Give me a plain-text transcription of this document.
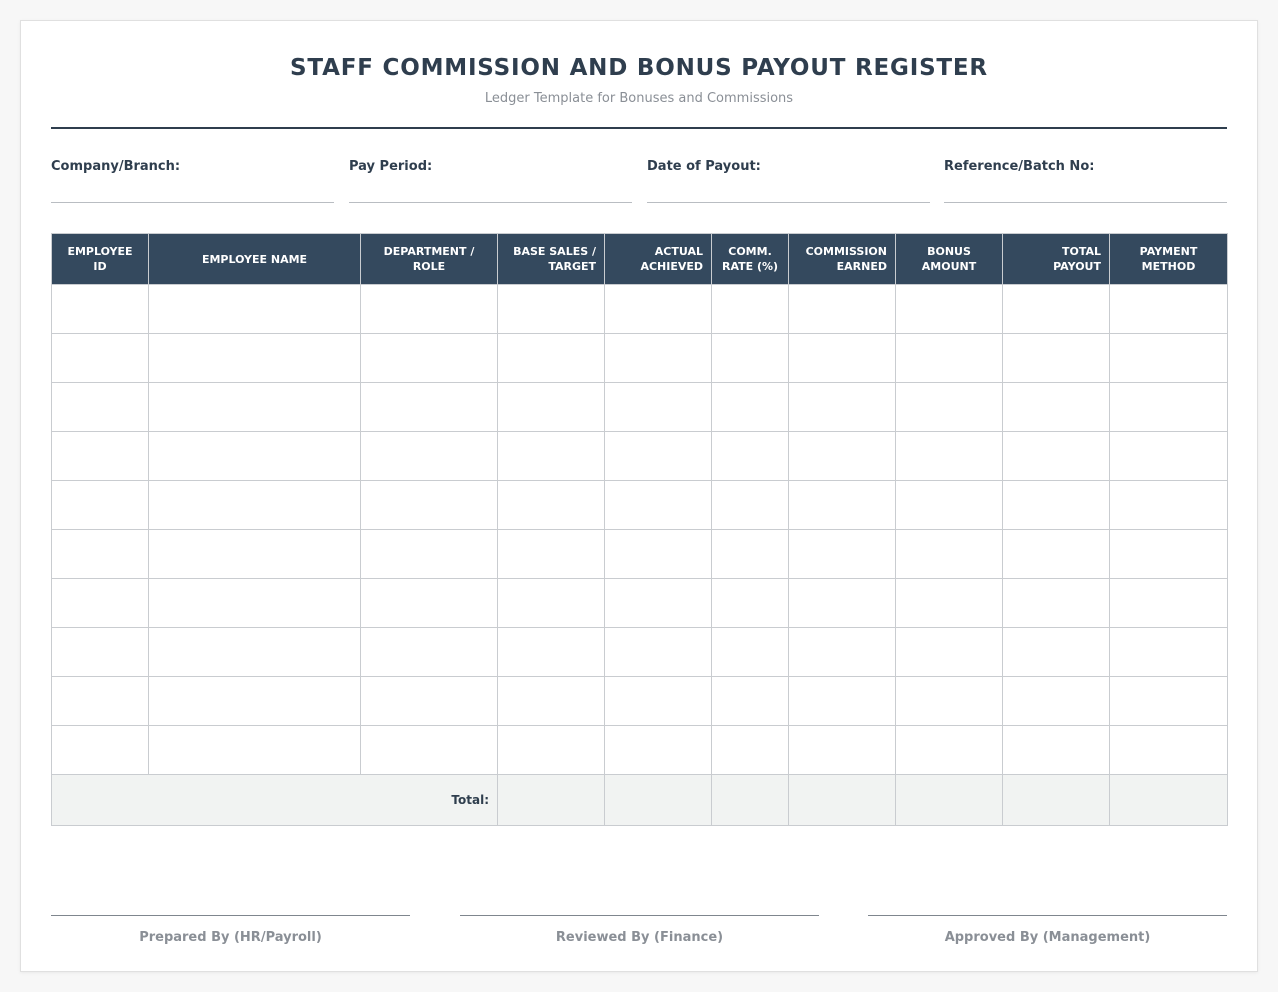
STAFF COMMISSION AND BONUS PAYOUT REGISTER
Ledger Template for Bonuses and Commissions
Company/Branch:	Pay Period:	Date of Payout:	Reference/Batch No:
EMPLOYEE ID	EMPLOYEE NAME	DEPARTMENT / ROLE	BASE SALES / TARGET	ACTUAL ACHIEVED	COMM. RATE (%)	COMMISSION EARNED	BONUS AMOUNT	TOTAL PAYOUT	PAYMENT METHOD

Total:									
Prepared By (HR/Payroll)	Reviewed By (Finance)	Approved By (Management)
